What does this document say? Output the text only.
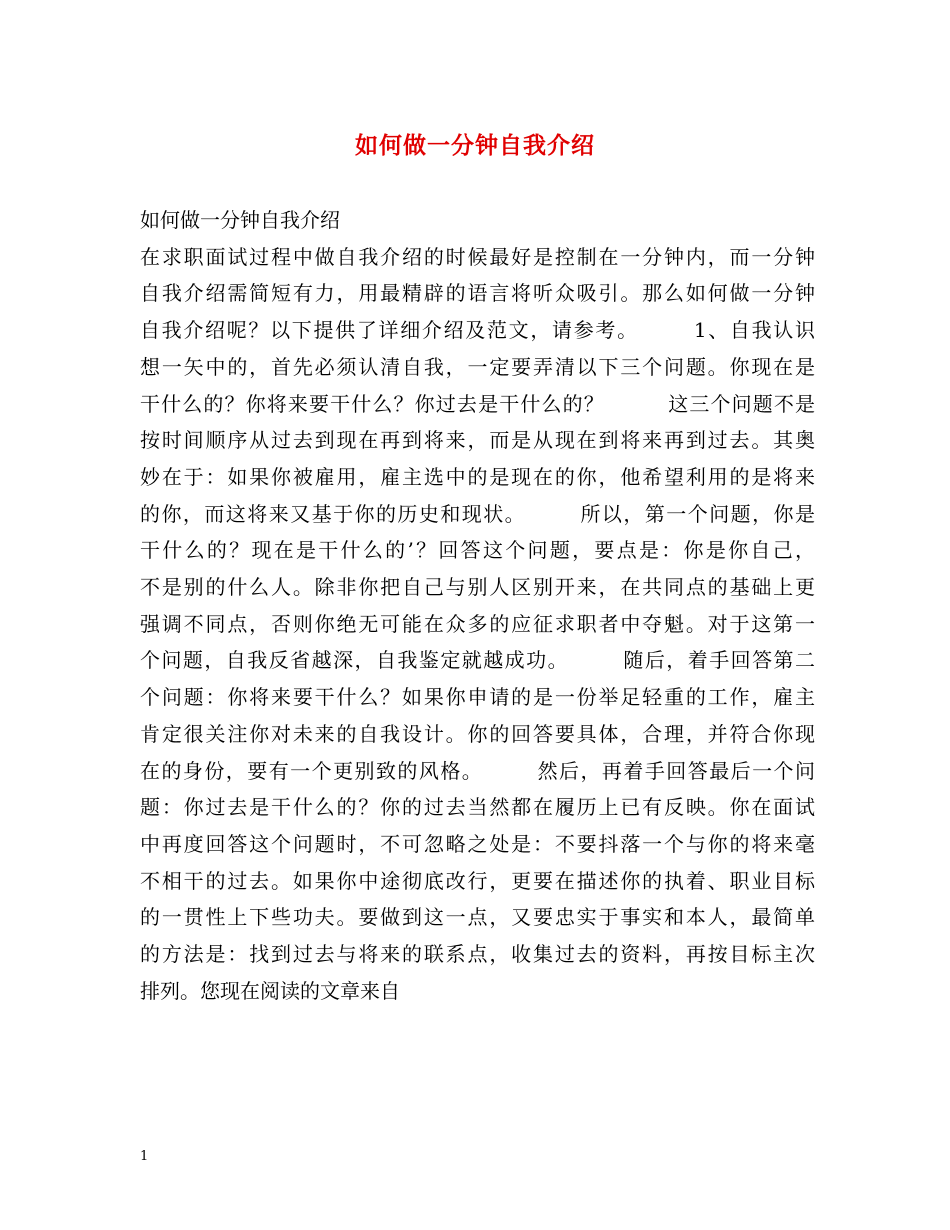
如何做一分钟自我介绍
如何做一分钟自我介绍
在求职面试过程中做自我介绍的时候最好是控制在一分钟内，而一分钟
自我介绍需简短有力，用最精辟的语言将听众吸引。那么如何做一分钟
自我介绍呢？以下提供了详细介绍及范文，请参考。　　　1、自我认识
想一矢中的，首先必须认清自我，一定要弄清以下三个问题。你现在是
干什么的？你将来要干什么？你过去是干什么的？　　　这三个问题不是
按时间顺序从过去到现在再到将来，而是从现在到将来再到过去。其奥
妙在于：如果你被雇用，雇主选中的是现在的你，他希望利用的是将来
的你，而这将来又基于你的历史和现状。　　　所以，第一个问题，你是
干什么的？现在是干什么的’？回答这个问题，要点是：你是你自己，
不是别的什么人。除非你把自己与别人区别开来，在共同点的基础上更
强调不同点，否则你绝无可能在众多的应征求职者中夺魁。对于这第一
个问题，自我反省越深，自我鉴定就越成功。　　　随后，着手回答第二
个问题：你将来要干什么？如果你申请的是一份举足轻重的工作，雇主
肯定很关注你对未来的自我设计。你的回答要具体，合理，并符合你现
在的身份，要有一个更别致的风格。　　　然后，再着手回答最后一个问
题：你过去是干什么的？你的过去当然都在履历上已有反映。你在面试
中再度回答这个问题时，不可忽略之处是：不要抖落一个与你的将来毫
不相干的过去。如果你中途彻底改行，更要在描述你的执着、职业目标
的一贯性上下些功夫。要做到这一点，又要忠实于事实和本人，最简单
的方法是：找到过去与将来的联系点，收集过去的资料，再按目标主次
排列。您现在阅读的文章来自
1
